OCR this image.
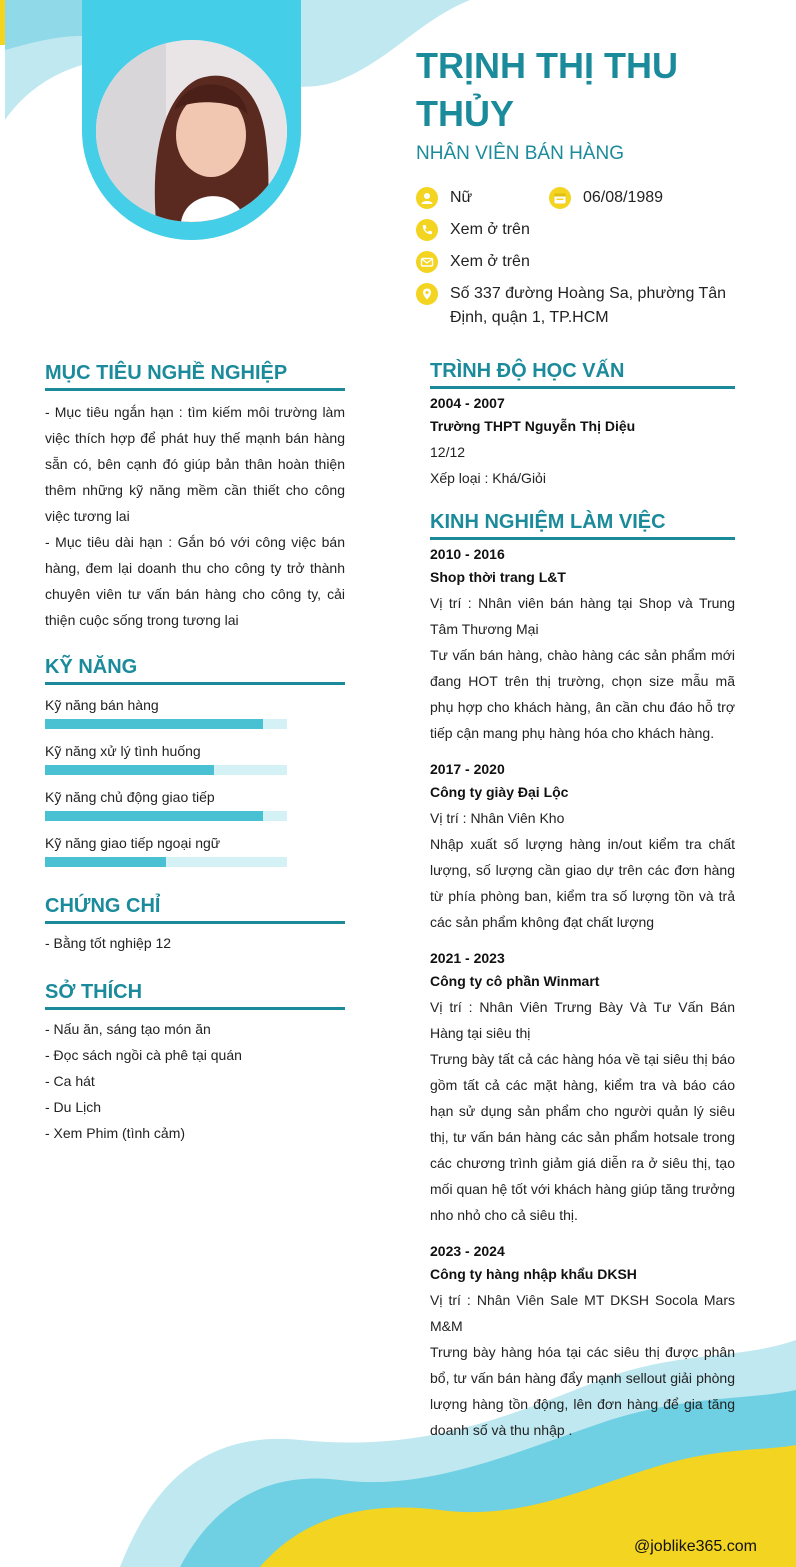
TRỊNH THỊ THU THỦY
NHÂN VIÊN BÁN HÀNG
Nữ	06/08/1989
Xem ở trên
Xem ở trên
Số 337 đường Hoàng Sa, phường Tân Định, quận 1, TP.HCM
MỤC TIÊU NGHỀ NGHIỆP
- Mục tiêu ngắn hạn : tìm kiếm môi trường làm việc thích hợp để phát huy thế mạnh bán hàng sẵn có, bên cạnh đó giúp bản thân hoàn thiện thêm những kỹ năng mềm cần thiết cho công việc tương lai
- Mục tiêu dài hạn : Gắn bó với công việc bán hàng, đem lại doanh thu cho công ty trở thành chuyên viên tư vấn bán hàng cho công ty, cải thiện cuộc sống trong tương lai
KỸ NĂNG
Kỹ năng bán hàng
Kỹ năng xử lý tình huống
Kỹ năng chủ động giao tiếp
Kỹ năng giao tiếp ngoại ngữ
CHỨNG CHỈ
- Bằng tốt nghiệp 12
SỞ THÍCH
- Nấu ăn, sáng tạo món ăn
- Đọc sách ngồi cà phê tại quán
- Ca hát
- Du Lịch
- Xem Phim (tình cảm)
TRÌNH ĐỘ HỌC VẤN
2004 - 2007
Trường THPT Nguyễn Thị Diệu
12/12
Xếp loại : Khá/Giỏi
KINH NGHIỆM LÀM VIỆC
2010 - 2016
Shop thời trang L&T
Vị trí : Nhân viên bán hàng tại Shop và Trung Tâm Thương Mại
Tư vấn bán hàng, chào hàng các sản phẩm mới đang HOT trên thị trường, chọn size mẫu mã phụ hợp cho khách hàng, ân cần chu đáo hỗ trợ tiếp cận mang phụ hàng hóa cho khách hàng.
2017 - 2020
Công ty giày Đại Lộc
Vị trí : Nhân Viên Kho
Nhập xuất số lượng hàng in/out kiểm tra chất lượng, số lượng cần giao dự trên các đơn hàng từ phía phòng ban, kiểm tra số lượng tồn và trả các sản phẩm không đạt chất lượng
2021 - 2023
Công ty cô phần Winmart
Vị trí : Nhân Viên Trưng Bày Và Tư Vấn Bán Hàng tại siêu thị
Trưng bày tất cả các hàng hóa về tại siêu thị báo gồm tất cả các mặt hàng, kiểm tra và báo cáo hạn sử dụng sản phẩm cho người quản lý siêu thị, tư vấn bán hàng các sản phẩm hotsale trong các chương trình giảm giá diễn ra ở siêu thị, tạo mối quan hệ tốt với khách hàng giúp tăng trưởng nho nhỏ cho cả siêu thị.
2023 - 2024
Công ty hàng nhập khẩu DKSH
Vị trí : Nhân Viên Sale MT DKSH Socola Mars M&M
Trưng bày hàng hóa tại các siêu thị được phân bổ, tư vấn bán hàng đẩy mạnh sellout giải phòng lượng hàng tồn động, lên đơn hàng để gia tăng doanh số và thu nhập .
@joblike365.com
